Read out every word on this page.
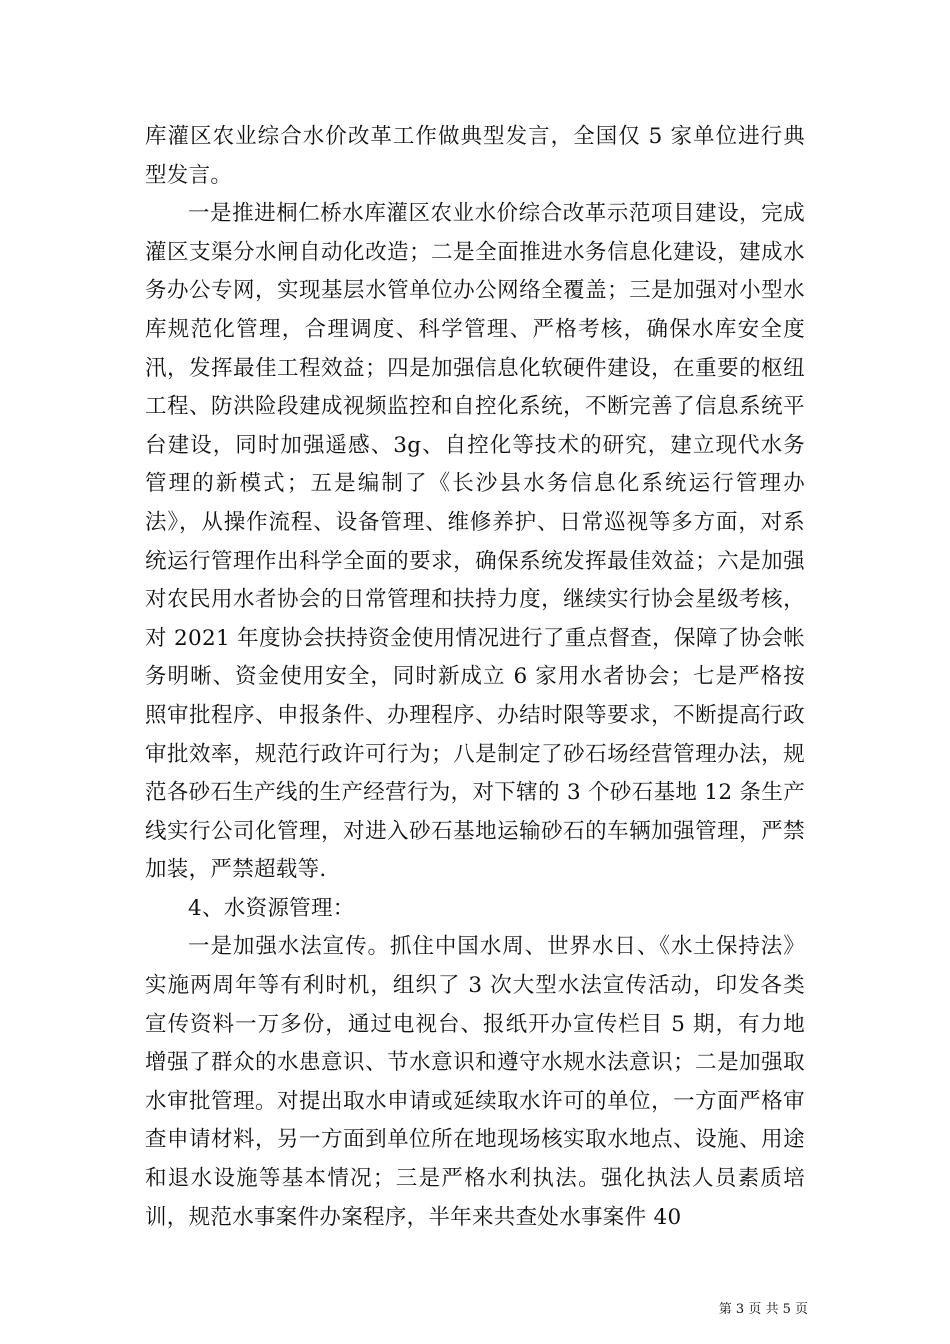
库灌区农业综合水价改革工作做典型发言，全国仅 5 家单位进行典型发言。

一是推进桐仁桥水库灌区农业水价综合改革示范项目建设，完成灌区支渠分水闸自动化改造；二是全面推进水务信息化建设，建成水务办公专网，实现基层水管单位办公网络全覆盖；三是加强对小型水库规范化管理，合理调度、科学管理、严格考核，确保水库安全度汛，发挥最佳工程效益；四是加强信息化软硬件建设，在重要的枢纽工程、防洪险段建成视频监控和自控化系统，不断完善了信息系统平台建设，同时加强遥感、3g、自控化等技术的研究，建立现代水务管理的新模式；五是编制了《长沙县水务信息化系统运行管理办法》，从操作流程、设备管理、维修养护、日常巡视等多方面，对系统运行管理作出科学全面的要求，确保系统发挥最佳效益；六是加强对农民用水者协会的日常管理和扶持力度，继续实行协会星级考核，对 2021 年度协会扶持资金使用情况进行了重点督查，保障了协会帐务明晰、资金使用安全，同时新成立 6 家用水者协会；七是严格按照审批程序、申报条件、办理程序、办结时限等要求，不断提高行政审批效率，规范行政许可行为；八是制定了砂石场经营管理办法，规范各砂石生产线的生产经营行为，对下辖的 3 个砂石基地 12 条生产线实行公司化管理，对进入砂石基地运输砂石的车辆加强管理，严禁加装，严禁超载等.

4、水资源管理：

一是加强水法宣传。抓住中国水周、世界水日、《水土保持法》实施两周年等有利时机，组织了 3 次大型水法宣传活动，印发各类宣传资料一万多份，通过电视台、报纸开办宣传栏目 5 期，有力地增强了群众的水患意识、节水意识和遵守水规水法意识；二是加强取水审批管理。对提出取水申请或延续取水许可的单位，一方面严格审查申请材料，另一方面到单位所在地现场核实取水地点、设施、用途和退水设施等基本情况；三是严格水利执法。强化执法人员素质培训，规范水事案件办案程序，半年来共查处水事案件 40

第 3 页 共 5 页
